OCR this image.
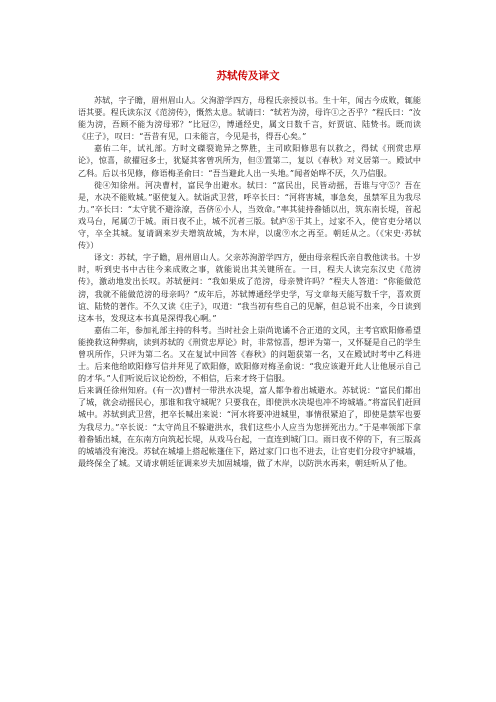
苏轼传及译文

苏轼，字子瞻，眉州眉山人。父洵游学四方，母程氏亲授以书。生十年，闻古今成败，辄能语其要。程氏读东汉《范滂传》，慨然太息。轼请曰：“轼若为滂，母许①之否乎？”程氏曰：“汝能为滂，吾顾不能为滂母邪？”比冠②，博通经史，属文日数千言，好贾谊、陆贽书。既而读《庄子》，叹曰：“吾昔有见，口未能言，今见是书，得吾心矣。”

嘉佑二年，试礼部。方时文磔裂诡异之弊胜，主司欧阳修思有以救之，得轼《刑赏忠厚论》，惊喜，欲擢冠多士，犹疑其客曾巩所为，但③置第二，复以《春秋》对义居第一。殿试中乙科。后以书见修，修语梅圣俞曰：“吾当避此人出一头地。”闻者始哗不厌，久乃信服。

徙④知徐州。河决曹村，富民争出避水。轼曰：“富民出，民皆动摇，吾谁与守⑤？吾在是，水决不能败城。”驱使复入。轼诣武卫营，呼卒长曰：“河将害城，事急矣，虽禁军且为我尽力。”卒长曰：“太守犹不避涂潦，吾侪⑥小人，当效命。”率其徒持畚锸以出，筑东南长堤，首起戏马台，尾属⑦于城。雨日夜不止，城不沉者三版。轼庐⑧于其上，过家不入，使官吏分堵以守，卒全其城。复请调来岁夫增筑故城，为木岸，以虞⑨水之再至。朝廷从之。（《宋史·苏轼传》）

译文：苏轼，字子瞻，眉州眉山人。父亲苏洵游学四方，便由母亲程氏亲自教他读书。十岁时，听到史书中古往今来成败之事，就能说出其关键所在。一日，程夫人读完东汉史《范滂传》，激动地发出长叹。苏轼便问：“我如果成了范滂，母亲赞许吗？”程夫人答道：“你能做范滂，我就不能做范滂的母亲吗？”成年后，苏轼博通经学史学，写文章每天能写数千字，喜欢贾谊、陆贽的著作。不久又读《庄子》，叹道：“我当初有些自己的见解，但总说不出来，今日读到这本书，发现这本书真是深得我心啊。”

嘉佑二年，参加礼部主持的科考。当时社会上崇尚诡谲不合正道的文风，主考官欧阳修希望能挽救这种弊病，读到苏轼的《刑赏忠厚论》时，非常惊喜，想评为第一，又怀疑是自己的学生曾巩所作，只评为第二名。又在复试中回答《春秋》的问题获第一名，又在殿试时考中乙科进士。后来他给欧阳修写信并拜见了欧阳修，欧阳修对梅圣俞说：“我应该避开此人让他展示自己的才华。”人们听说后议论纷纷，不相信，后来才终于信服。

后来调任徐州知府。(有一次)曹村一带洪水决堤，富人都争着出城避水。苏轼说：“富民们都出了城，就会动摇民心，那谁和我守城呢？只要我在，即使洪水决堤也冲不垮城墙。”将富民们赶回城中。苏轼到武卫营，把卒长喊出来说：“河水将要冲进城里，事情很紧迫了，即使是禁军也要为我尽力。”卒长说：“太守尚且不躲避洪水，我们这些小人应当为您拼死出力。”于是率领部下拿着畚锸出城，在东南方向筑起长堤，从戏马台起，一直连到城门口。雨日夜不停的下，有三版高的城墙没有淹没。苏轼在城墙上搭起帐篷住下，路过家门口也不进去，让官吏们分段守护城墙，最终保全了城。又请求朝廷征调来岁夫加固城墙，做了木岸，以防洪水再来，朝廷听从了他。
